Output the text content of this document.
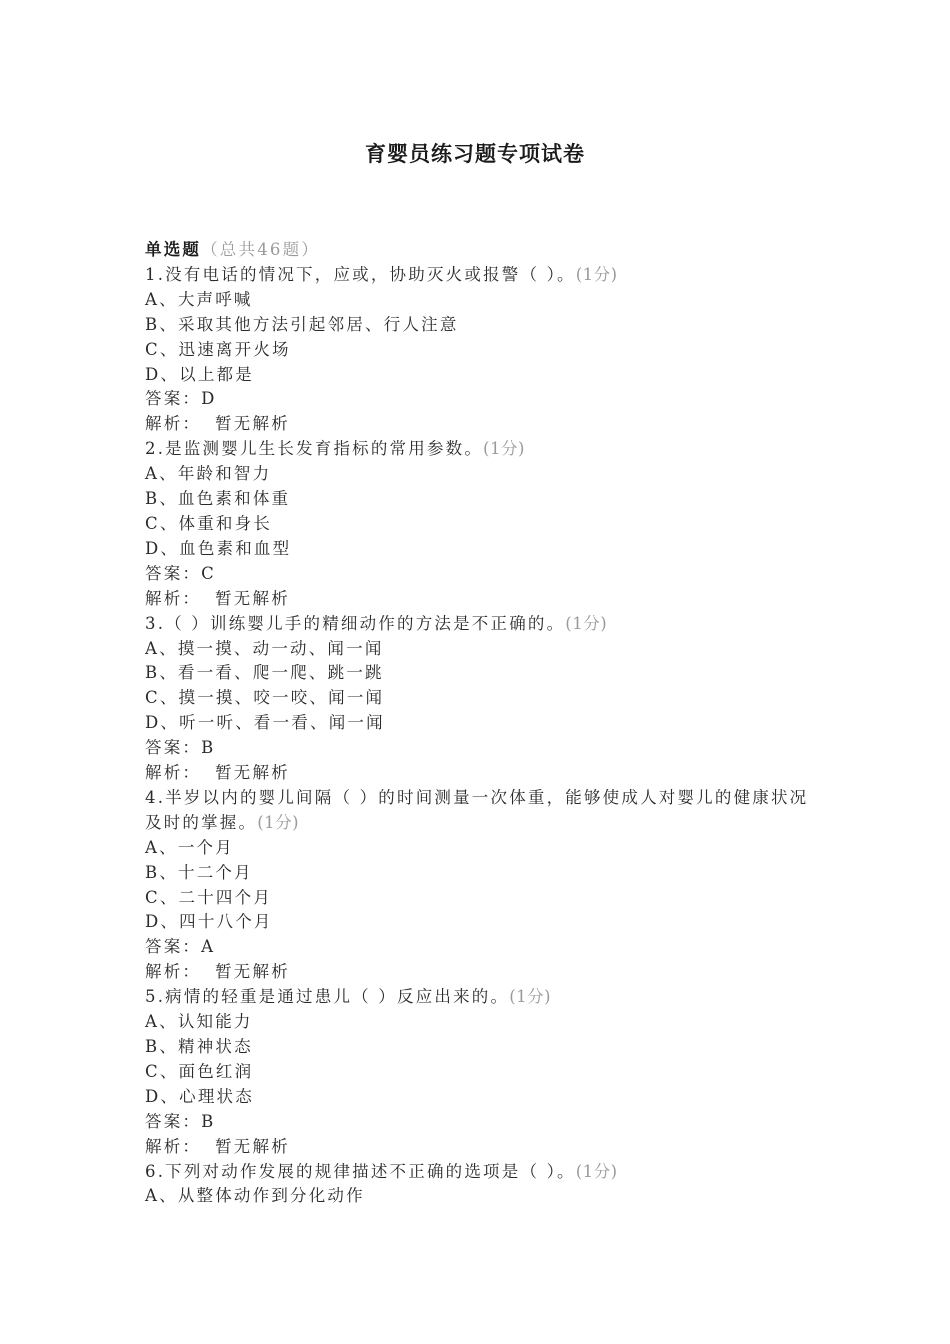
育婴员练习题专项试卷
单选题（总共46题）
1.没有电话的情况下，应或，协助灭火或报警（ ）。(1分)
A、大声呼喊
B、采取其他方法引起邻居、行人注意
C、迅速离开火场
D、以上都是
答案：D
解析： 暂无解析
2.是监测婴儿生长发育指标的常用参数。(1分)
A、年龄和智力
B、血色素和体重
C、体重和身长
D、血色素和血型
答案：C
解析： 暂无解析
3.（ ）训练婴儿手的精细动作的方法是不正确的。(1分)
A、摸一摸、动一动、闻一闻
B、看一看、爬一爬、跳一跳
C、摸一摸、咬一咬、闻一闻
D、听一听、看一看、闻一闻
答案：B
解析： 暂无解析
4.半岁以内的婴儿间隔（ ）的时间测量一次体重，能够使成人对婴儿的健康状况及时的掌握。(1分)
A、一个月
B、十二个月
C、二十四个月
D、四十八个月
答案：A
解析： 暂无解析
5.病情的轻重是通过患儿（ ）反应出来的。(1分)
A、认知能力
B、精神状态
C、面色红润
D、心理状态
答案：B
解析： 暂无解析
6.下列对动作发展的规律描述不正确的选项是（ ）。(1分)
A、从整体动作到分化动作
